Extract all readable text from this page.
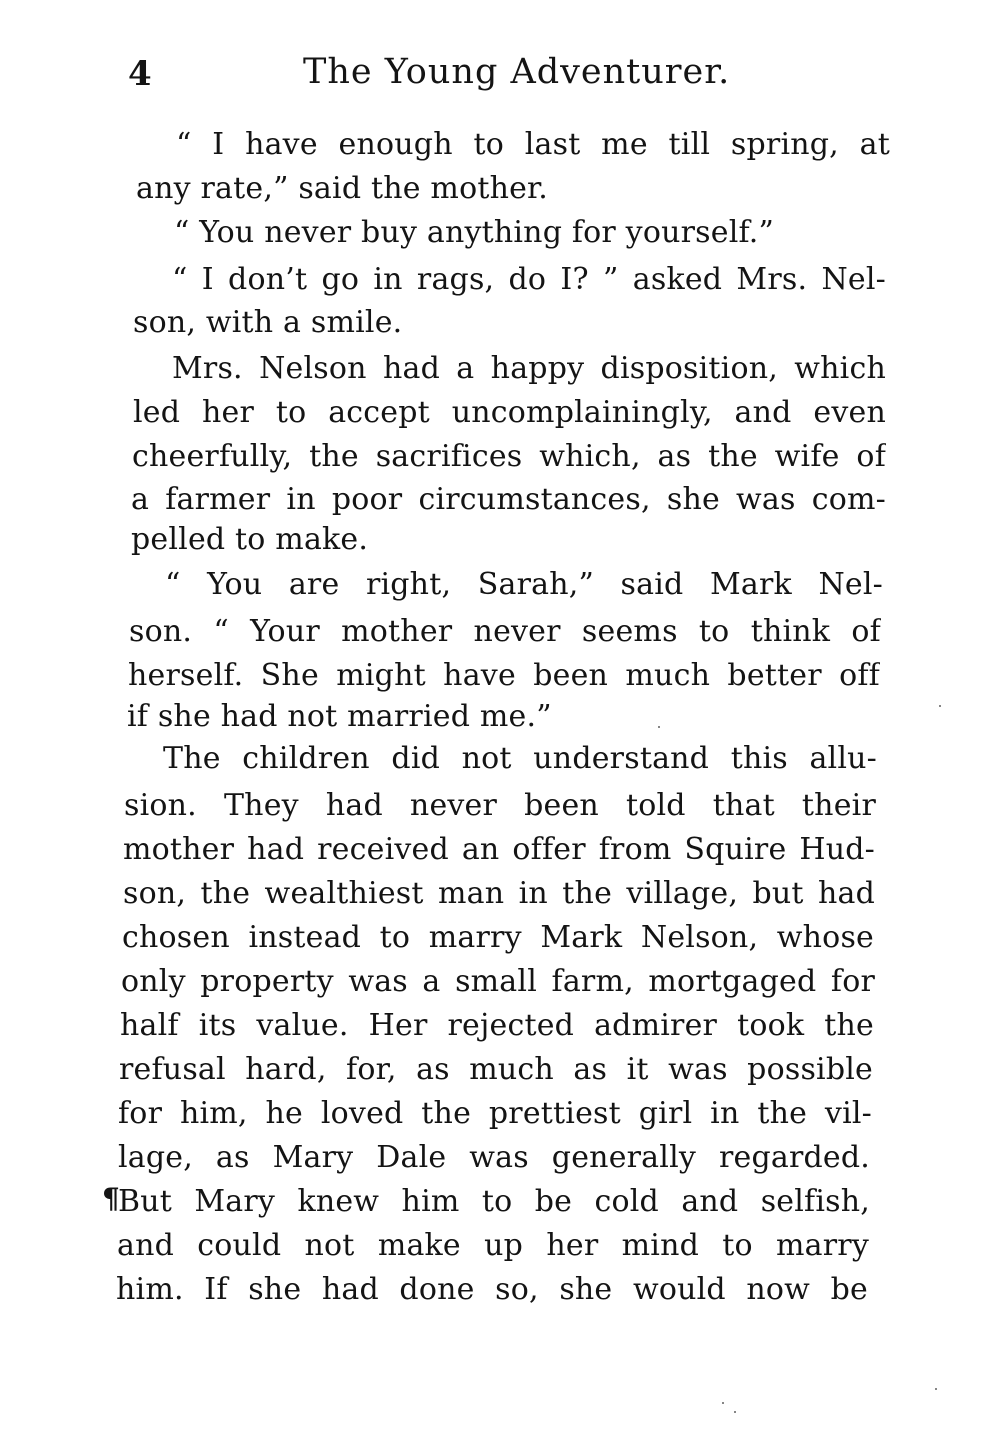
4	The Young Adventurer.
“ I have enough to last me till spring, at
any rate,” said the mother.
“ You never buy anything for yourself.”
“ I don’t go in rags, do I? ” asked Mrs. Nel-
son, with a smile.
Mrs. Nelson had a happy disposition, which
led her to accept uncomplainingly, and even
cheerfully, the sacrifices which, as the wife of
a farmer in poor circumstances, she was com-
pelled to make.
“ You are right, Sarah,” said Mark Nel-
son. “ Your mother never seems to think of
herself. She might have been much better off
if she had not married me.”
The children did not understand this allu-
sion. They had never been told that their
mother had received an offer from Squire Hud-
son, the wealthiest man in the village, but had
chosen instead to marry Mark Nelson, whose
only property was a small farm, mortgaged for
half its value. Her rejected admirer took the
refusal hard, for, as much as it was possible
for him, he loved the prettiest girl in the vil-
lage, as Mary Dale was generally regarded.
But Mary knew him to be cold and selfish,
and could not make up her mind to marry
him. If she had done so, she would now be
¶
